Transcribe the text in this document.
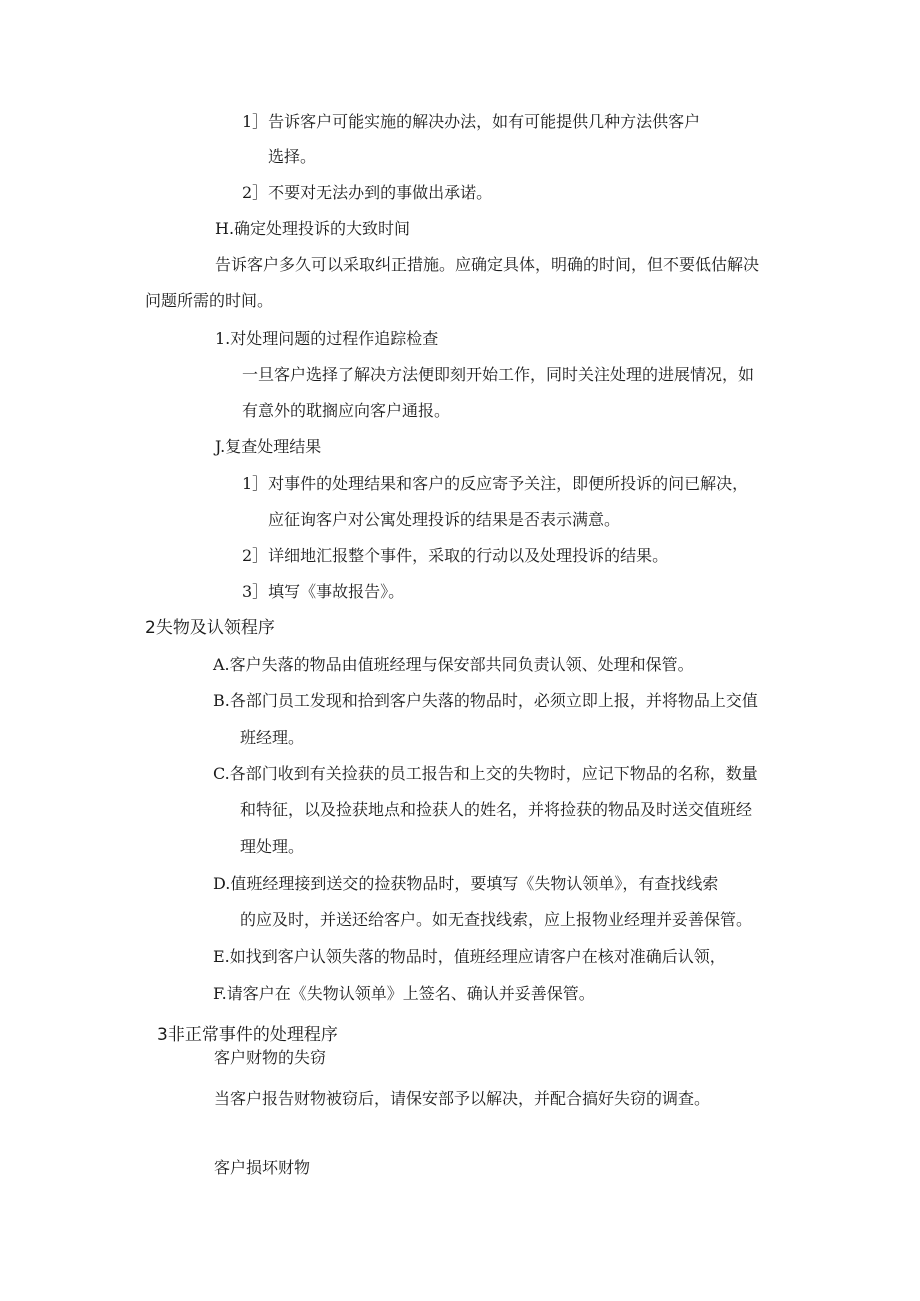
1］告诉客户可能实施的解决办法，如有可能提供几种方法供客户
选择。
2］不要对无法办到的事做出承诺。
H.确定处理投诉的大致时间
告诉客户多久可以采取纠正措施。应确定具体，明确的时间，但不要低估解决
问题所需的时间。
1.对处理问题的过程作追踪检查
一旦客户选择了解决方法便即刻开始工作，同时关注处理的进展情况，如
有意外的耽搁应向客户通报。
J.复查处理结果
1］对事件的处理结果和客户的反应寄予关注，即便所投诉的问已解决，
应征询客户对公寓处理投诉的结果是否表示满意。
2］详细地汇报整个事件，采取的行动以及处理投诉的结果。
3］填写《事故报告》。
2失物及认领程序
A.客户失落的物品由值班经理与保安部共同负责认领、处理和保管。
B.各部门员工发现和拾到客户失落的物品时，必须立即上报，并将物品上交值
班经理。
C.各部门收到有关捡获的员工报告和上交的失物时，应记下物品的名称，数量
和特征，以及捡获地点和捡获人的姓名，并将捡获的物品及时送交值班经
理处理。
D.值班经理接到送交的捡获物品时，要填写《失物认领单》，有查找线索
的应及时，并送还给客户。如无查找线索，应上报物业经理并妥善保管。
E.如找到客户认领失落的物品时，值班经理应请客户在核对准确后认领，
F.请客户在《失物认领单》上签名、确认并妥善保管。
3非正常事件的处理程序
客户财物的失窃
当客户报告财物被窃后，请保安部予以解决，并配合搞好失窃的调查。
客户损坏财物
